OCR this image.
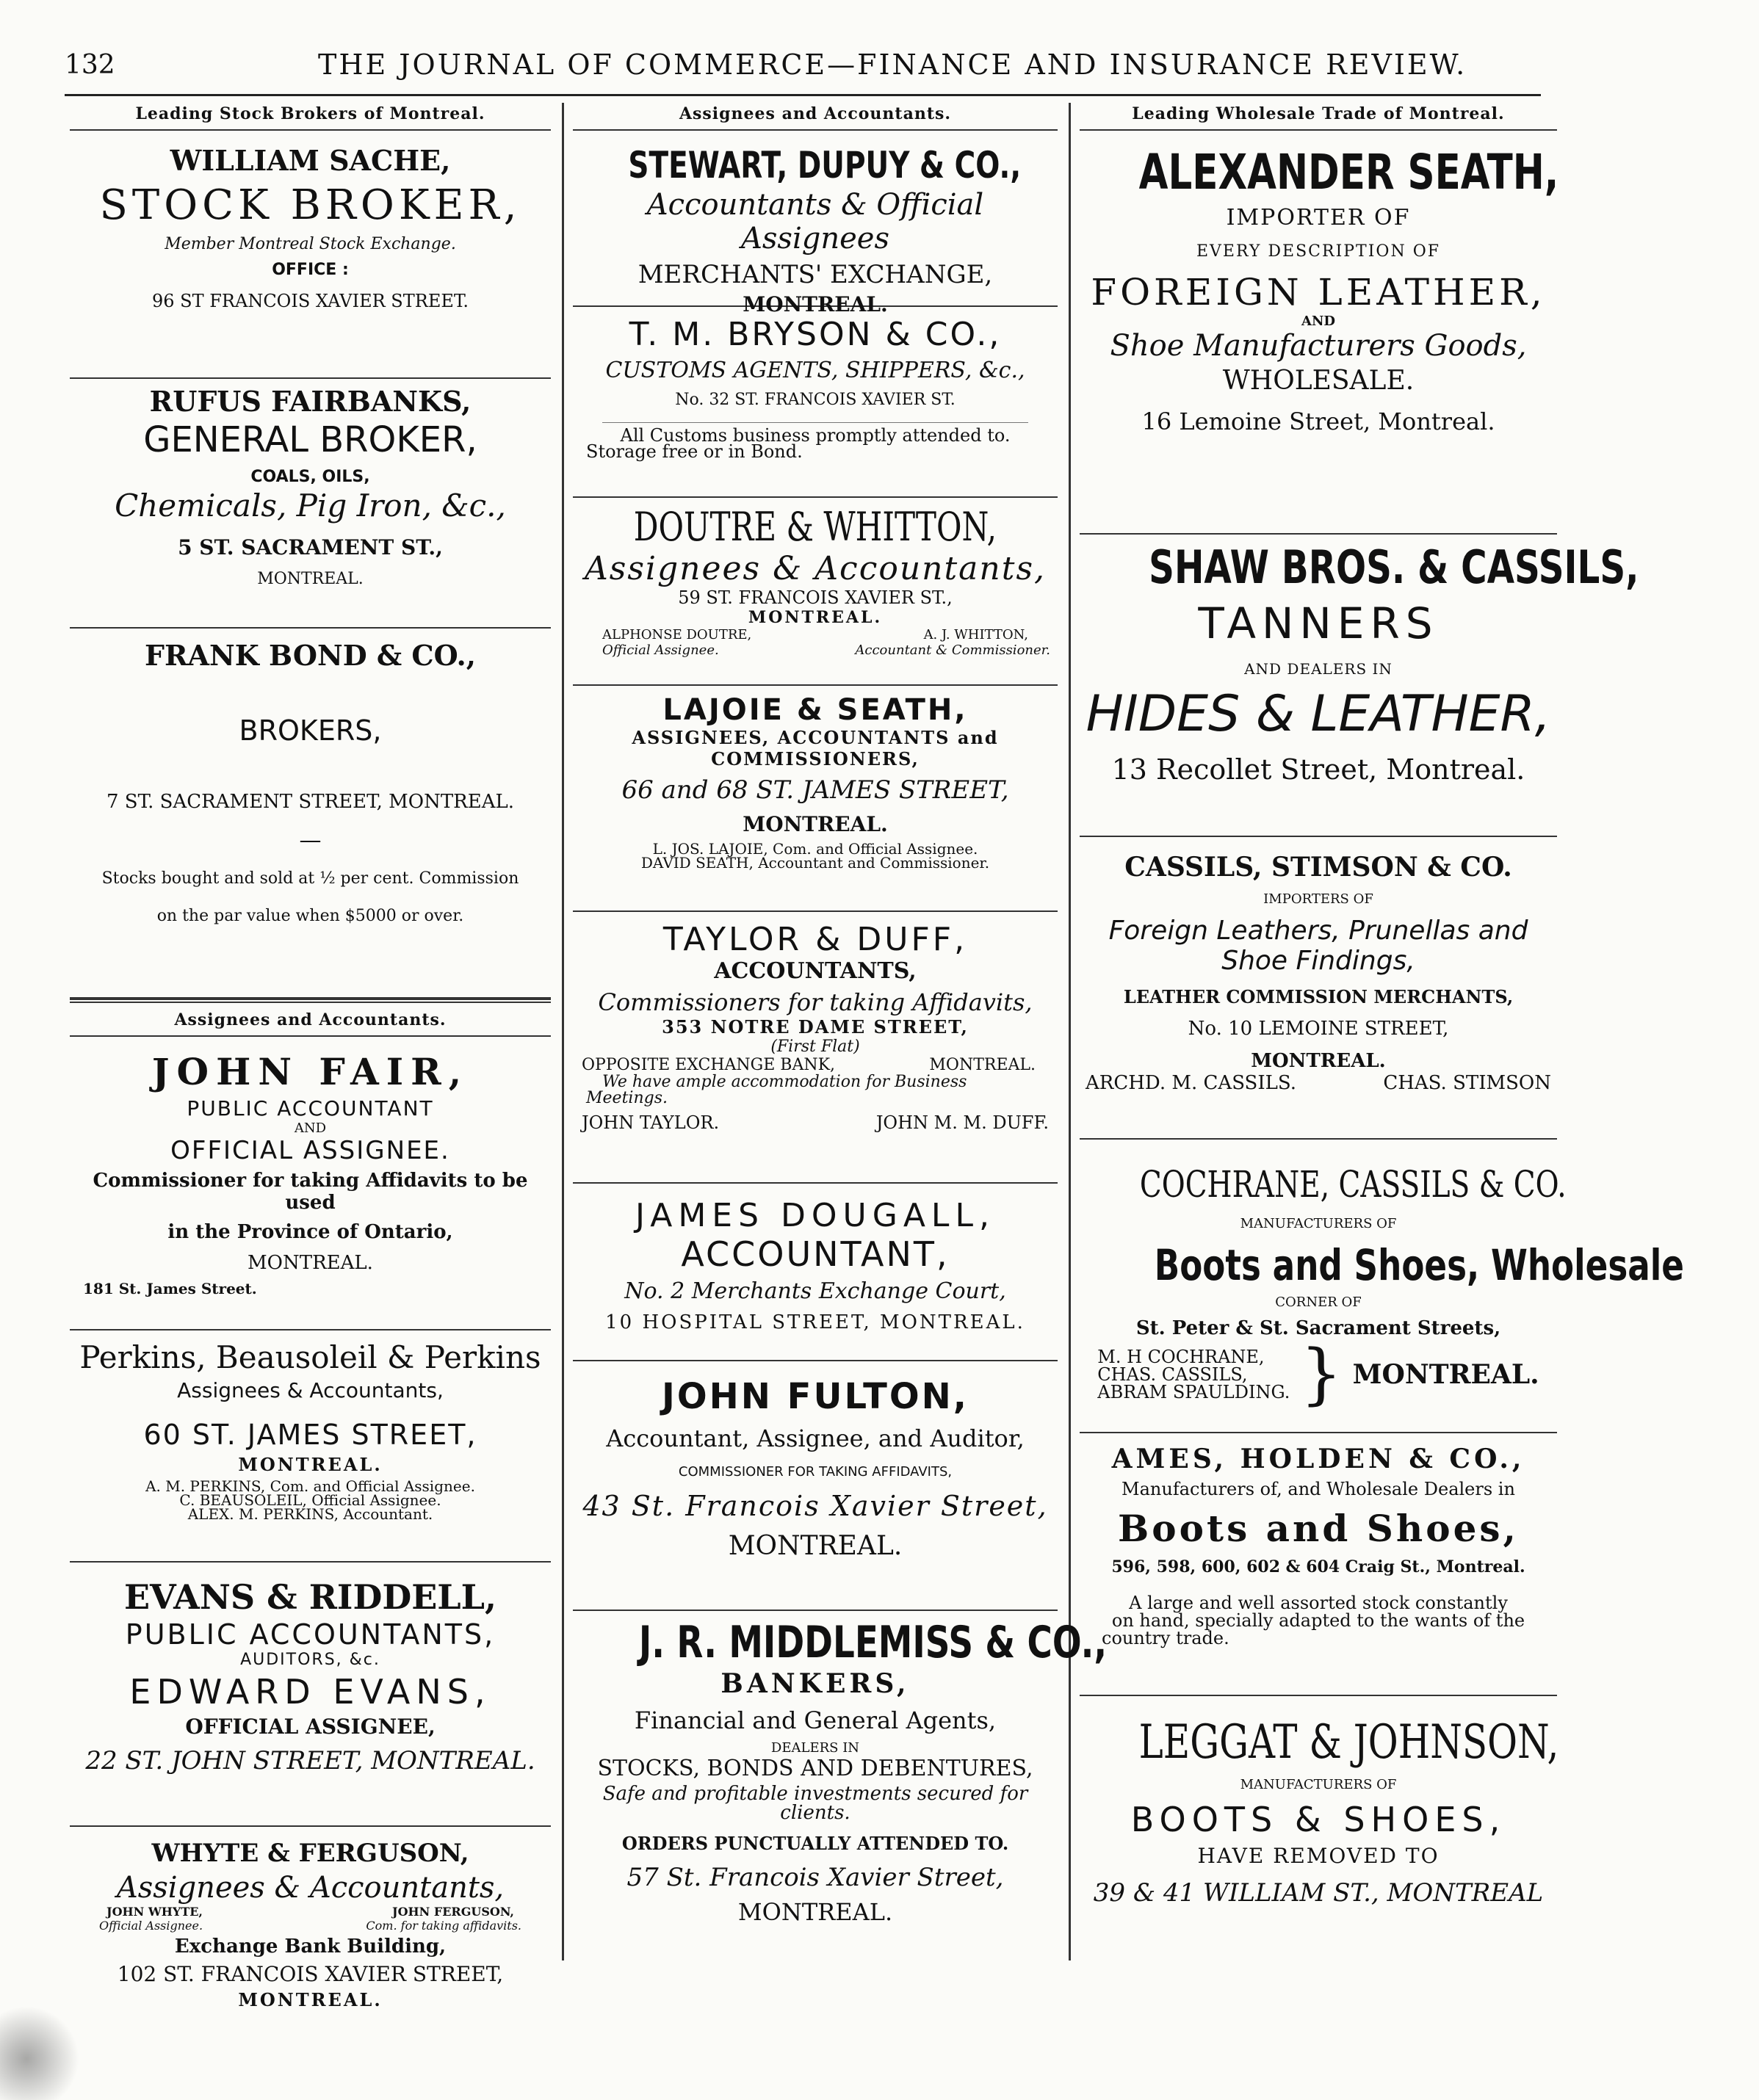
132	THE JOURNAL OF COMMERCE—FINANCE AND INSURANCE REVIEW.
Leading Stock Brokers of Montreal.

WILLIAM SACHE,

STOCK BROKER,

Member Montreal Stock Exchange.

OFFICE :

96 ST FRANCOIS XAVIER STREET.

RUFUS FAIRBANKS,

GENERAL BROKER,

COALS, OILS,

Chemicals, Pig Iron, &c.,

5 ST. SACRAMENT ST.,

MONTREAL.

FRANK BOND & CO.,

BROKERS,

7 ST. SACRAMENT STREET, MONTREAL.

—

Stocks bought and sold at ½ per cent. Commission

on the par value when $5000 or over.

Assignees and Accountants.

JOHN FAIR,

PUBLIC ACCOUNTANT

AND

OFFICIAL ASSIGNEE.

Commissioner for taking Affidavits to be used

in the Province of Ontario,

MONTREAL.

181 St. James Street.

Perkins, Beausoleil & Perkins

Assignees & Accountants,

60 ST. JAMES STREET,

MONTREAL.

A. M. PERKINS, Com. and Official Assignee.

C. BEAUSOLEIL, Official Assignee.

ALEX. M. PERKINS, Accountant.

EVANS & RIDDELL,

PUBLIC ACCOUNTANTS,

AUDITORS, &c.

EDWARD EVANS,

OFFICIAL ASSIGNEE,

22 ST. JOHN STREET, MONTREAL.

WHYTE & FERGUSON,

Assignees & Accountants,

JOHN WHYTE,	JOHN FERGUSON,
Official Assignee.	Com. for taking affidavits.

Exchange Bank Building,

102 ST. FRANCOIS XAVIER STREET,

MONTREAL.

Assignees and Accountants.

STEWART, DUPUY & CO.,

Accountants & Official Assignees

MERCHANTS' EXCHANGE,

MONTREAL.

T. M. BRYSON & CO.,

CUSTOMS AGENTS, SHIPPERS, &c.,

No. 32 ST. FRANCOIS XAVIER ST.

All Customs business promptly attended to.

Storage free or in Bond.

DOUTRE & WHITTON,

Assignees & Accountants,

59 ST. FRANCOIS XAVIER ST.,

MONTREAL.

ALPHONSE DOUTRE,	A. J. WHITTON,
Official Assignee.	Accountant & Commissioner.

LAJOIE & SEATH,

ASSIGNEES, ACCOUNTANTS and

COMMISSIONERS,

66 and 68 ST. JAMES STREET,

MONTREAL.

L. JOS. LAJOIE, Com. and Official Assignee.

DAVID SEATH, Accountant and Commissioner.

TAYLOR & DUFF,

ACCOUNTANTS,

Commissioners for taking Affidavits,

353 NOTRE DAME STREET,

(First Flat)

OPPOSITE EXCHANGE BANK,	MONTREAL.

We have ample accommodation for Business

Meetings.

JOHN TAYLOR.	JOHN M. M. DUFF.

JAMES DOUGALL,

ACCOUNTANT,

No. 2 Merchants Exchange Court,

10 HOSPITAL STREET, MONTREAL.

JOHN FULTON,

Accountant, Assignee, and Auditor,

COMMISSIONER FOR TAKING AFFIDAVITS,

43 St. Francois Xavier Street,

MONTREAL.

J. R. MIDDLEMISS & CO.,

BANKERS,

Financial and General Agents,

DEALERS IN

STOCKS, BONDS AND DEBENTURES,

Safe and profitable investments secured for

clients.

ORDERS PUNCTUALLY ATTENDED TO.

57 St. Francois Xavier Street,

MONTREAL.

Leading Wholesale Trade of Montreal.

ALEXANDER SEATH,

IMPORTER OF

EVERY DESCRIPTION OF

FOREIGN LEATHER,

AND

Shoe Manufacturers Goods,

WHOLESALE.

16 Lemoine Street, Montreal.

SHAW BROS. & CASSILS,

TANNERS

AND DEALERS IN

HIDES & LEATHER,

13 Recollet Street, Montreal.

CASSILS, STIMSON & CO.

IMPORTERS OF

Foreign Leathers, Prunellas and

Shoe Findings,

LEATHER COMMISSION MERCHANTS,

No. 10 LEMOINE STREET,

MONTREAL.

ARCHD. M. CASSILS.	CHAS. STIMSON

COCHRANE, CASSILS & CO.

MANUFACTURERS OF

Boots and Shoes, Wholesale

CORNER OF

St. Peter & St. Sacrament Streets,

M. H COCHRANE,
CHAS. CASSILS,
ABRAM SPAULDING. } MONTREAL.

AMES, HOLDEN & CO.,

Manufacturers of, and Wholesale Dealers in

Boots and Shoes,

596, 598, 600, 602 & 604 Craig St., Montreal.

A large and well assorted stock constantly

on hand, specially adapted to the wants of the

country trade.

LEGGAT & JOHNSON,

MANUFACTURERS OF

BOOTS & SHOES,

HAVE REMOVED TO

39 & 41 WILLIAM ST., MONTREAL
